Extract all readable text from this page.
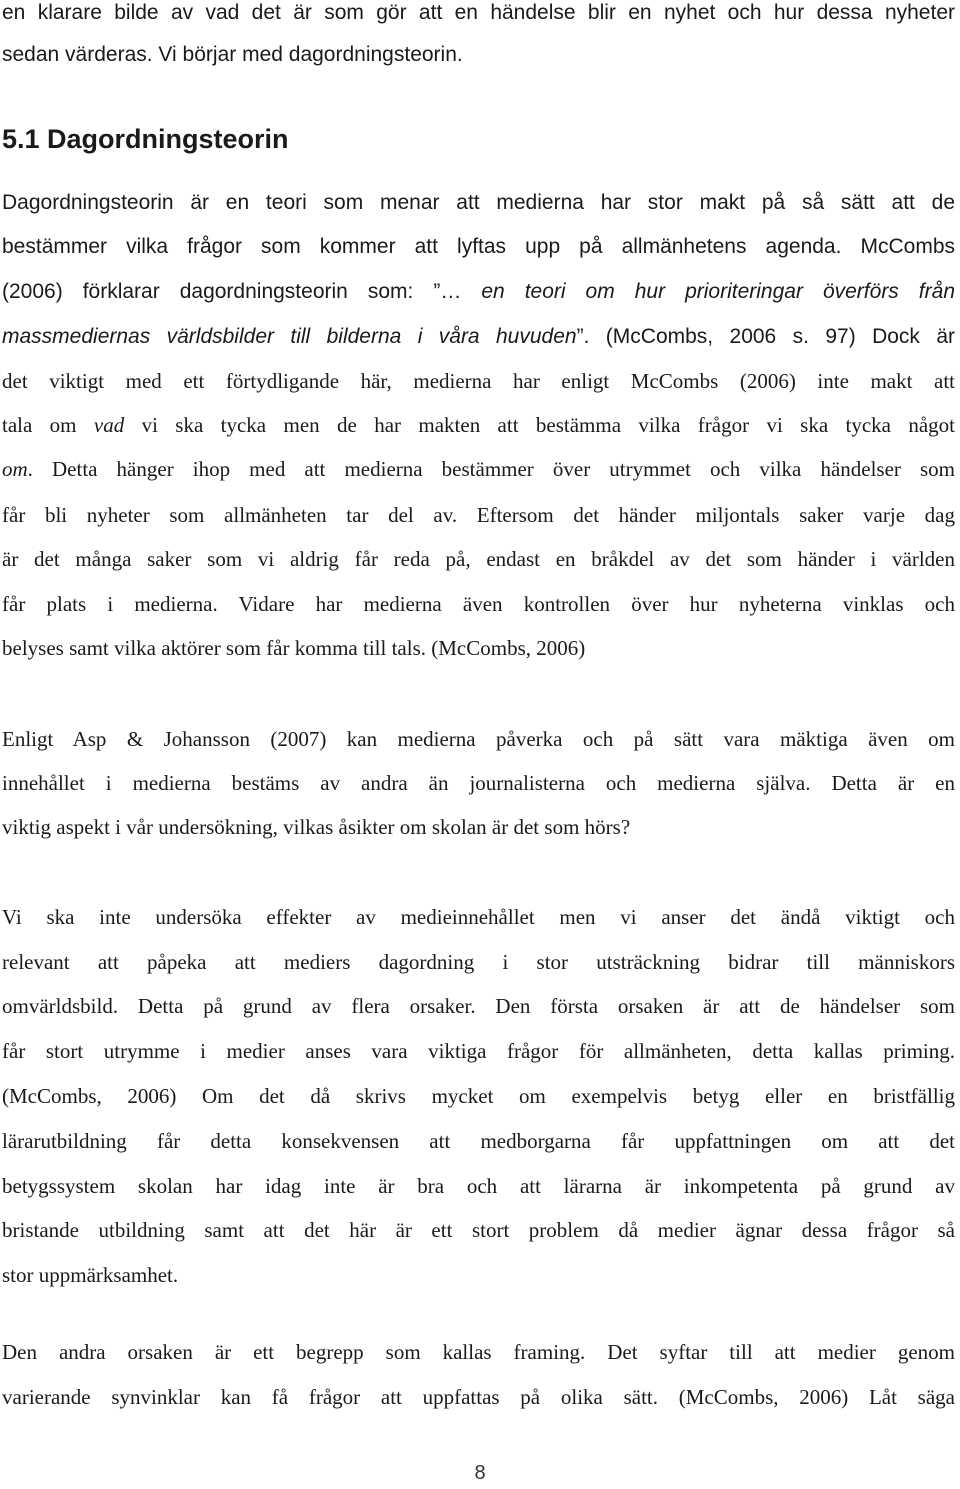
en klarare bilde av vad det är som gör att en händelse blir en nyhet och hur dessa nyheter
sedan värderas. Vi börjar med dagordningsteorin.
5.1 Dagordningsteorin
Dagordningsteorin är en teori som menar att medierna har stor makt på så sätt att de
bestämmer vilka frågor som kommer att lyftas upp på allmänhetens agenda. McCombs
(2006) förklarar dagordningsteorin som: ”… en teori om hur prioriteringar överförs från
massmediernas världsbilder till bilderna i våra huvuden”. (McCombs, 2006 s. 97) Dock är
det viktigt med ett förtydligande här, medierna har enligt McCombs (2006) inte makt att
tala om vad vi ska tycka men de har makten att bestämma vilka frågor vi ska tycka något
om. Detta hänger ihop med att medierna bestämmer över utrymmet och vilka händelser som
får bli nyheter som allmänheten tar del av. Eftersom det händer miljontals saker varje dag
är det många saker som vi aldrig får reda på, endast en bråkdel av det som händer i världen
får plats i medierna. Vidare har medierna även kontrollen över hur nyheterna vinklas och
belyses samt vilka aktörer som får komma till tals. (McCombs, 2006)
Enligt Asp & Johansson (2007) kan medierna påverka och på sätt vara mäktiga även om
innehållet i medierna bestäms av andra än journalisterna och medierna själva. Detta är en
viktig aspekt i vår undersökning, vilkas åsikter om skolan är det som hörs?
Vi ska inte undersöka effekter av medieinnehållet men vi anser det ändå viktigt och
relevant att påpeka att mediers dagordning i stor utsträckning bidrar till människors
omvärldsbild. Detta på grund av flera orsaker. Den första orsaken är att de händelser som
får stort utrymme i medier anses vara viktiga frågor för allmänheten, detta kallas priming.
(McCombs, 2006) Om det då skrivs mycket om exempelvis betyg eller en bristfällig
lärarutbildning får detta konsekvensen att medborgarna får uppfattningen om att det
betygssystem skolan har idag inte är bra och att lärarna är inkompetenta på grund av
bristande utbildning samt att det här är ett stort problem då medier ägnar dessa frågor så
stor uppmärksamhet.
Den andra orsaken är ett begrepp som kallas framing. Det syftar till att medier genom
varierande synvinklar kan få frågor att uppfattas på olika sätt. (McCombs, 2006) Låt säga
8
